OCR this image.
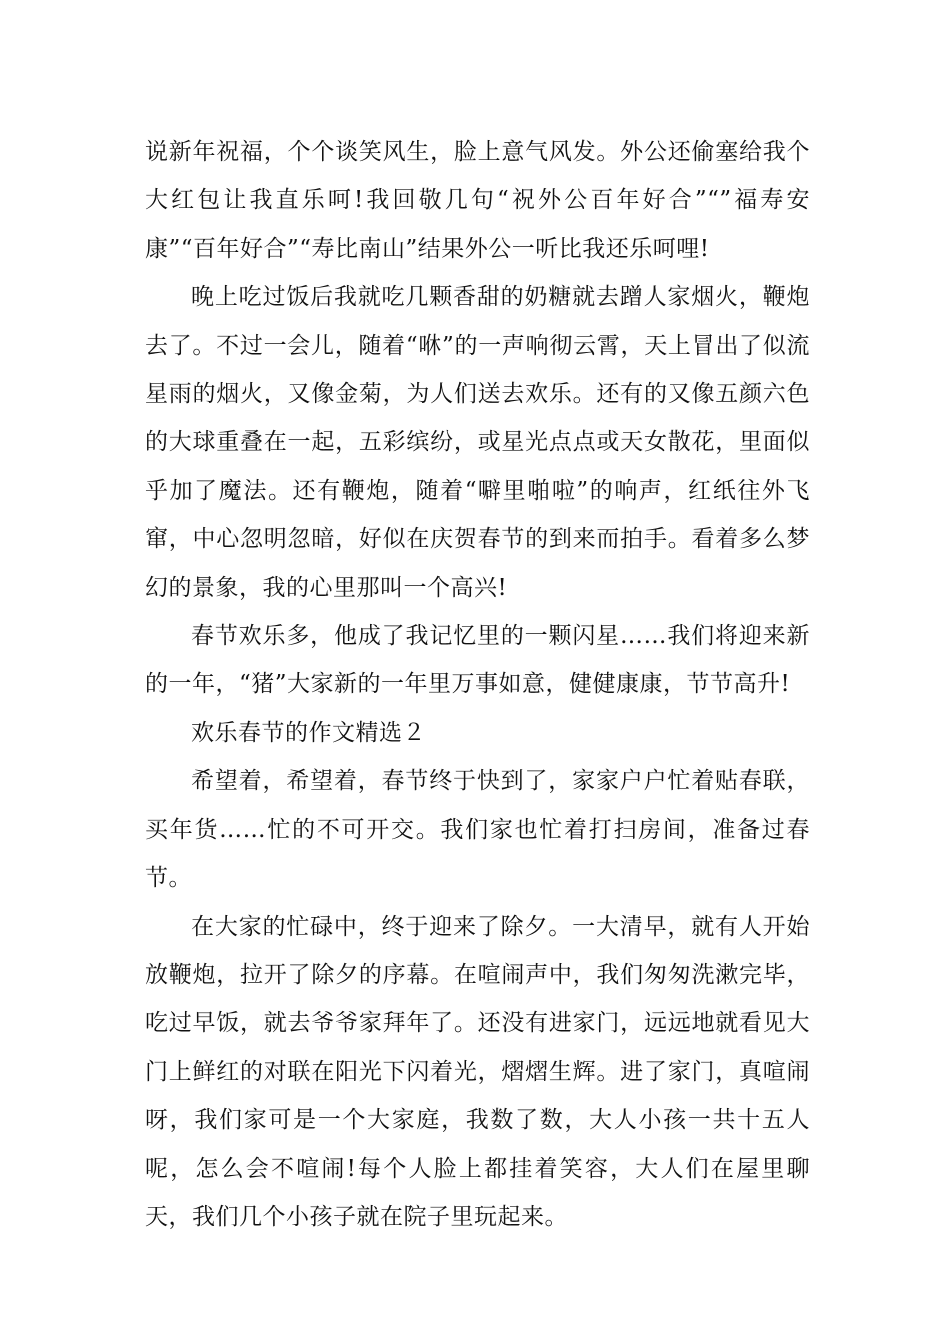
说新年祝福，个个谈笑风生，脸上意气风发。外公还偷塞给我个大红包让我直乐呵!我回敬几句“祝外公百年好合”“”福寿安康”“百年好合”“寿比南山”结果外公一听比我还乐呵哩!

晚上吃过饭后我就吃几颗香甜的奶糖就去蹭人家烟火，鞭炮去了。不过一会儿，随着“咻”的一声响彻云霄，天上冒出了似流星雨的烟火，又像金菊，为人们送去欢乐。还有的又像五颜六色的大球重叠在一起，五彩缤纷，或星光点点或天女散花，里面似乎加了魔法。还有鞭炮，随着“噼里啪啦”的响声，红纸往外飞窜，中心忽明忽暗，好似在庆贺春节的到来而拍手。看着多么梦幻的景象，我的心里那叫一个高兴!

春节欢乐多，他成了我记忆里的一颗闪星……我们将迎来新的一年，“猪”大家新的一年里万事如意，健健康康，节节高升!

欢乐春节的作文精选２

希望着，希望着，春节终于快到了，家家户户忙着贴春联，买年货……忙的不可开交。我们家也忙着打扫房间，准备过春节。

在大家的忙碌中，终于迎来了除夕。一大清早，就有人开始放鞭炮，拉开了除夕的序幕。在喧闹声中，我们匆匆洗漱完毕，吃过早饭，就去爷爷家拜年了。还没有进家门，远远地就看见大门上鲜红的对联在阳光下闪着光，熠熠生辉。进了家门，真喧闹呀，我们家可是一个大家庭，我数了数，大人小孩一共十五人呢，怎么会不喧闹!每个人脸上都挂着笑容，大人们在屋里聊天，我们几个小孩子就在院子里玩起来。
